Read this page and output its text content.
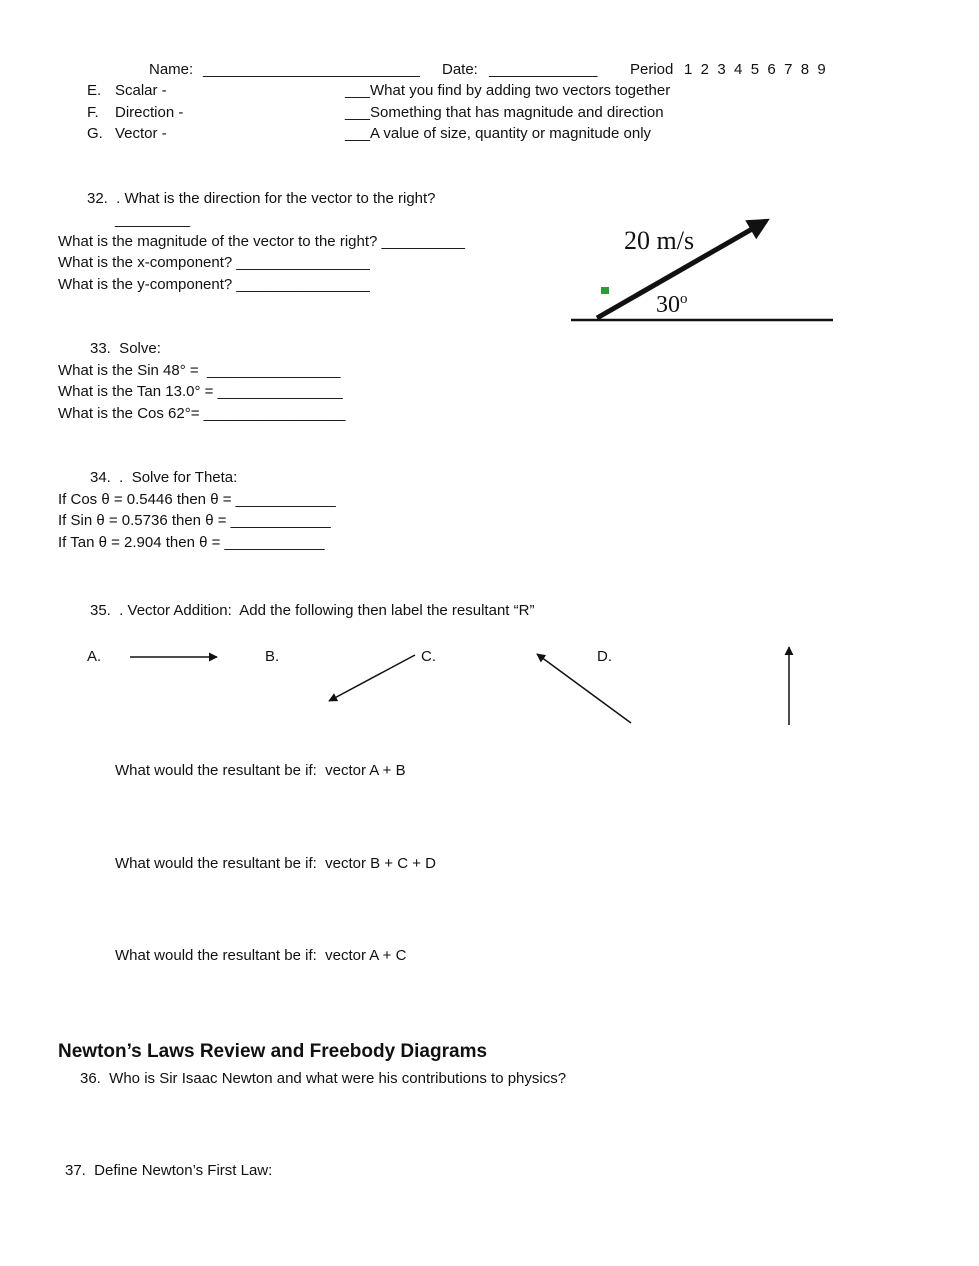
Name: __________________________ Date: _____________ Period 1  2  3  4  5  6  7  8  9
E. Scalar -	___What you find by adding two vectors together
F. Direction -	___Something that has magnitude and direction
G. Vector -	___A value of size, quantity or magnitude only
32.  . What is the direction for the vector to the right?
_________
What is the magnitude of the vector to the right? __________
What is the x-component? ________________
What is the y-component? ________________
33.  Solve:
What is the Sin 48° =  ________________
What is the Tan 13.0° = _______________
What is the Cos 62°= _________________
34.  .  Solve for Theta:
If Cos θ = 0.5446 then θ = ____________
If Sin θ = 0.5736 then θ = ____________
If Tan θ = 2.904 then θ = ____________
35.  . Vector Addition:  Add the following then label the resultant “R”
A.	B.	C.	D.
What would the resultant be if:  vector A + B
What would the resultant be if:  vector B + C + D
What would the resultant be if:  vector A + C
Newton’s Laws Review and Freebody Diagrams
36.  Who is Sir Isaac Newton and what were his contributions to physics?
37.  Define Newton’s First Law:
20 m/s
30$^o$
